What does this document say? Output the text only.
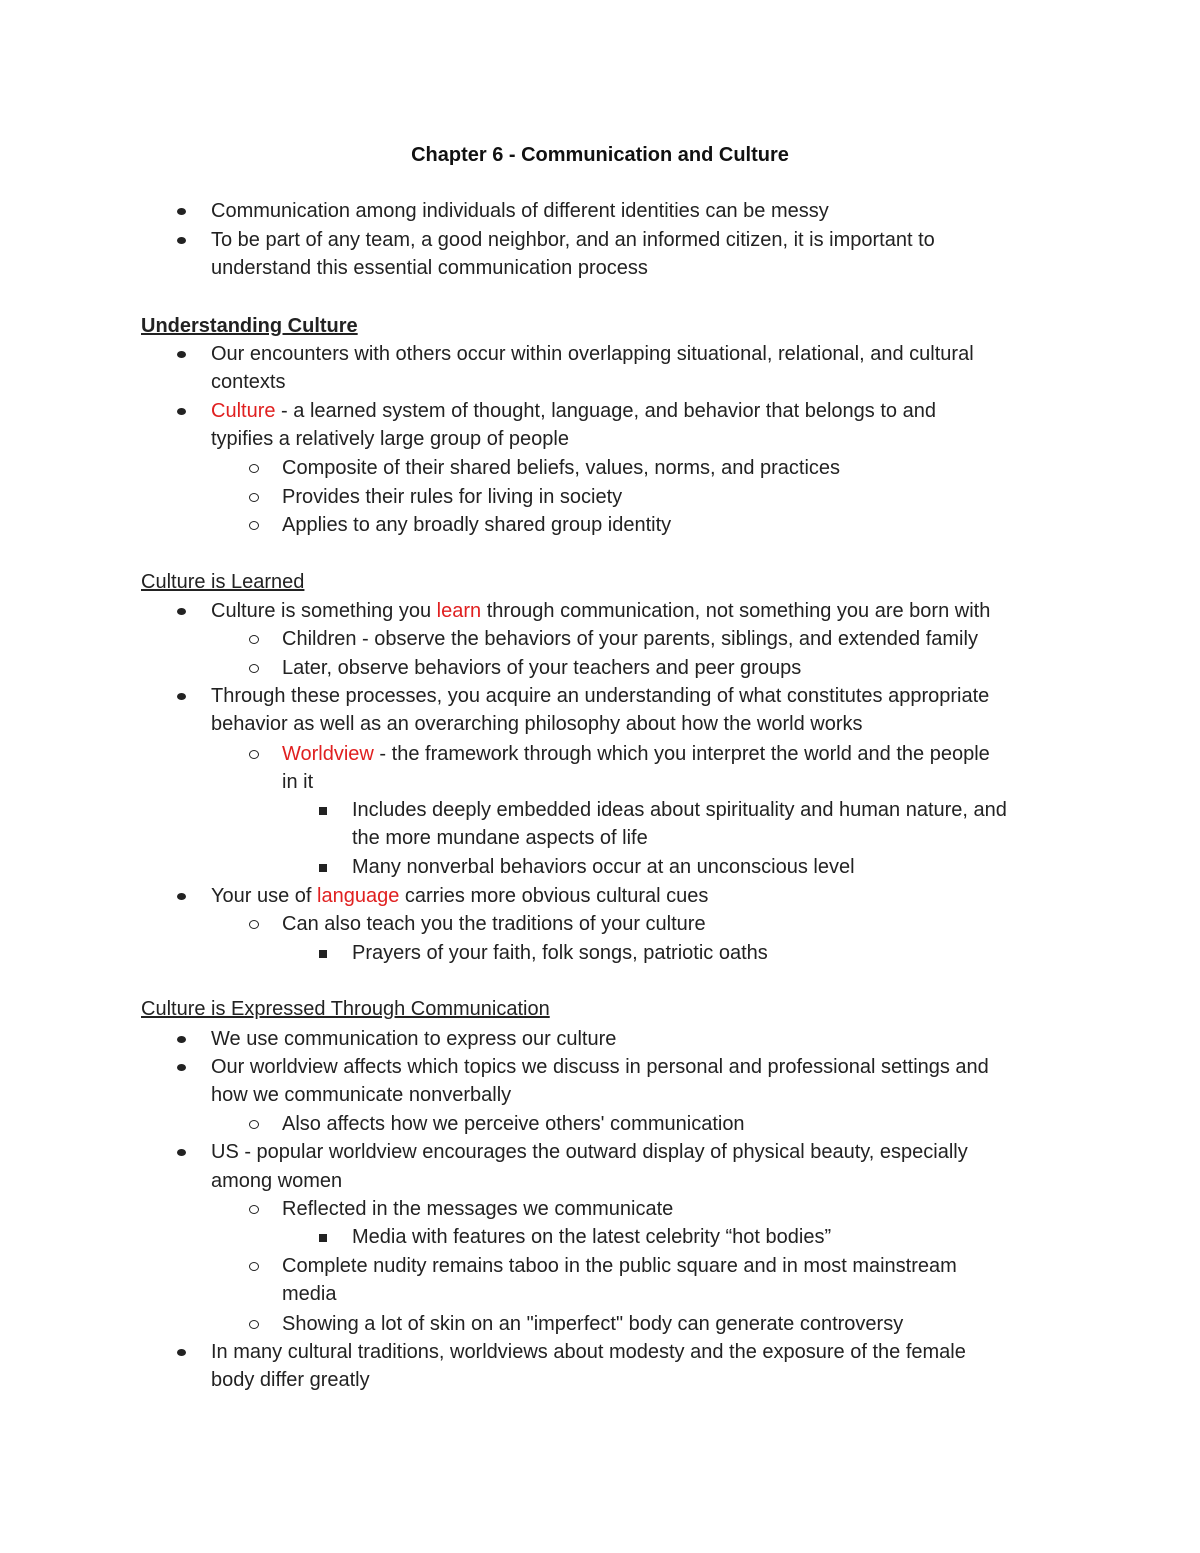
Chapter 6 - Communication and Culture
Communication among individuals of different identities can be messy
To be part of any team, a good neighbor, and an informed citizen, it is important to
understand this essential communication process
Understanding Culture
Our encounters with others occur within overlapping situational, relational, and cultural
contexts
Culture - a learned system of thought, language, and behavior that belongs to and
typifies a relatively large group of people
Composite of their shared beliefs, values, norms, and practices
Provides their rules for living in society
Applies to any broadly shared group identity
Culture is Learned
Culture is something you learn through communication, not something you are born with
Children - observe the behaviors of your parents, siblings, and extended family
Later, observe behaviors of your teachers and peer groups
Through these processes, you acquire an understanding of what constitutes appropriate
behavior as well as an overarching philosophy about how the world works
Worldview - the framework through which you interpret the world and the people
in it
Includes deeply embedded ideas about spirituality and human nature, and
the more mundane aspects of life
Many nonverbal behaviors occur at an unconscious level
Your use of language carries more obvious cultural cues
Can also teach you the traditions of your culture
Prayers of your faith, folk songs, patriotic oaths
Culture is Expressed Through Communication
We use communication to express our culture
Our worldview affects which topics we discuss in personal and professional settings and
how we communicate nonverbally
Also affects how we perceive others' communication
US - popular worldview encourages the outward display of physical beauty, especially
among women
Reflected in the messages we communicate
Media with features on the latest celebrity “hot bodies”
Complete nudity remains taboo in the public square and in most mainstream
media
Showing a lot of skin on an "imperfect" body can generate controversy
In many cultural traditions, worldviews about modesty and the exposure of the female
body differ greatly
